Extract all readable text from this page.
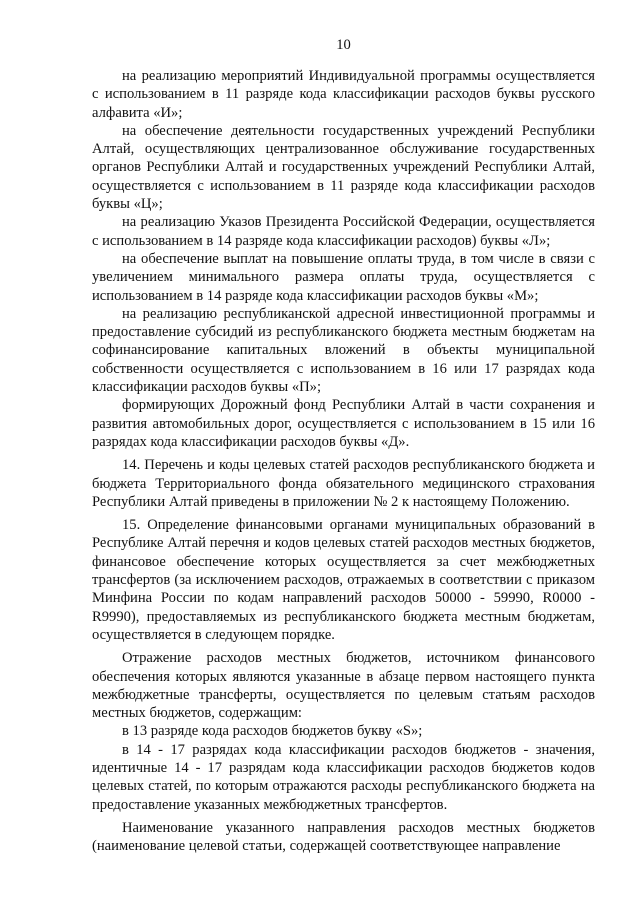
10

на реализацию мероприятий Индивидуальной программы осуществляется с использованием в 11 разряде кода классификации расходов буквы русского алфавита «И»;

на обеспечение деятельности государственных учреждений Республики Алтай, осуществляющих централизованное обслуживание государственных органов Республики Алтай и государственных учреждений Республики Алтай, осуществляется с использованием в 11 разряде кода классификации расходов буквы «Ц»;

на реализацию Указов Президента Российской Федерации, осуществляется с использованием в 14 разряде кода классификации расходов) буквы «Л»;

на обеспечение выплат на повышение оплаты труда, в том числе в связи с увеличением минимального размера оплаты труда, осуществляется с использованием в 14 разряде кода классификации расходов буквы «М»;

на реализацию республиканской адресной инвестиционной программы и предоставление субсидий из республиканского бюджета местным бюджетам на софинансирование капитальных вложений в объекты муниципальной собственности осуществляется с использованием в 16 или 17 разрядах кода классификации расходов буквы «П»;

формирующих Дорожный фонд Республики Алтай в части сохранения и развития автомобильных дорог, осуществляется с использованием в 15 или 16 разрядах кода классификации расходов буквы «Д».

14. Перечень и коды целевых статей расходов республиканского бюджета и бюджета Территориального фонда обязательного медицинского страхования Республики Алтай приведены в приложении № 2 к настоящему Положению.

15. Определение финансовыми органами муниципальных образований в Республике Алтай перечня и кодов целевых статей расходов местных бюджетов, финансовое обеспечение которых осуществляется за счет межбюджетных трансфертов (за исключением расходов, отражаемых в соответствии с приказом Минфина России по кодам направлений расходов 50000 - 59990, R0000 - R9990), предоставляемых из республиканского бюджета местным бюджетам, осуществляется в следующем порядке.

Отражение расходов местных бюджетов, источником финансового обеспечения которых являются указанные в абзаце первом настоящего пункта межбюджетные трансферты, осуществляется по целевым статьям расходов местных бюджетов, содержащим:

в 13 разряде кода расходов бюджетов букву «S»;

в 14 - 17 разрядах кода классификации расходов бюджетов - значения, идентичные 14 - 17 разрядам кода классификации расходов бюджетов кодов целевых статей, по которым отражаются расходы республиканского бюджета на предоставление указанных межбюджетных трансфертов.

Наименование указанного направления расходов местных бюджетов (наименование целевой статьи, содержащей соответствующее направление
